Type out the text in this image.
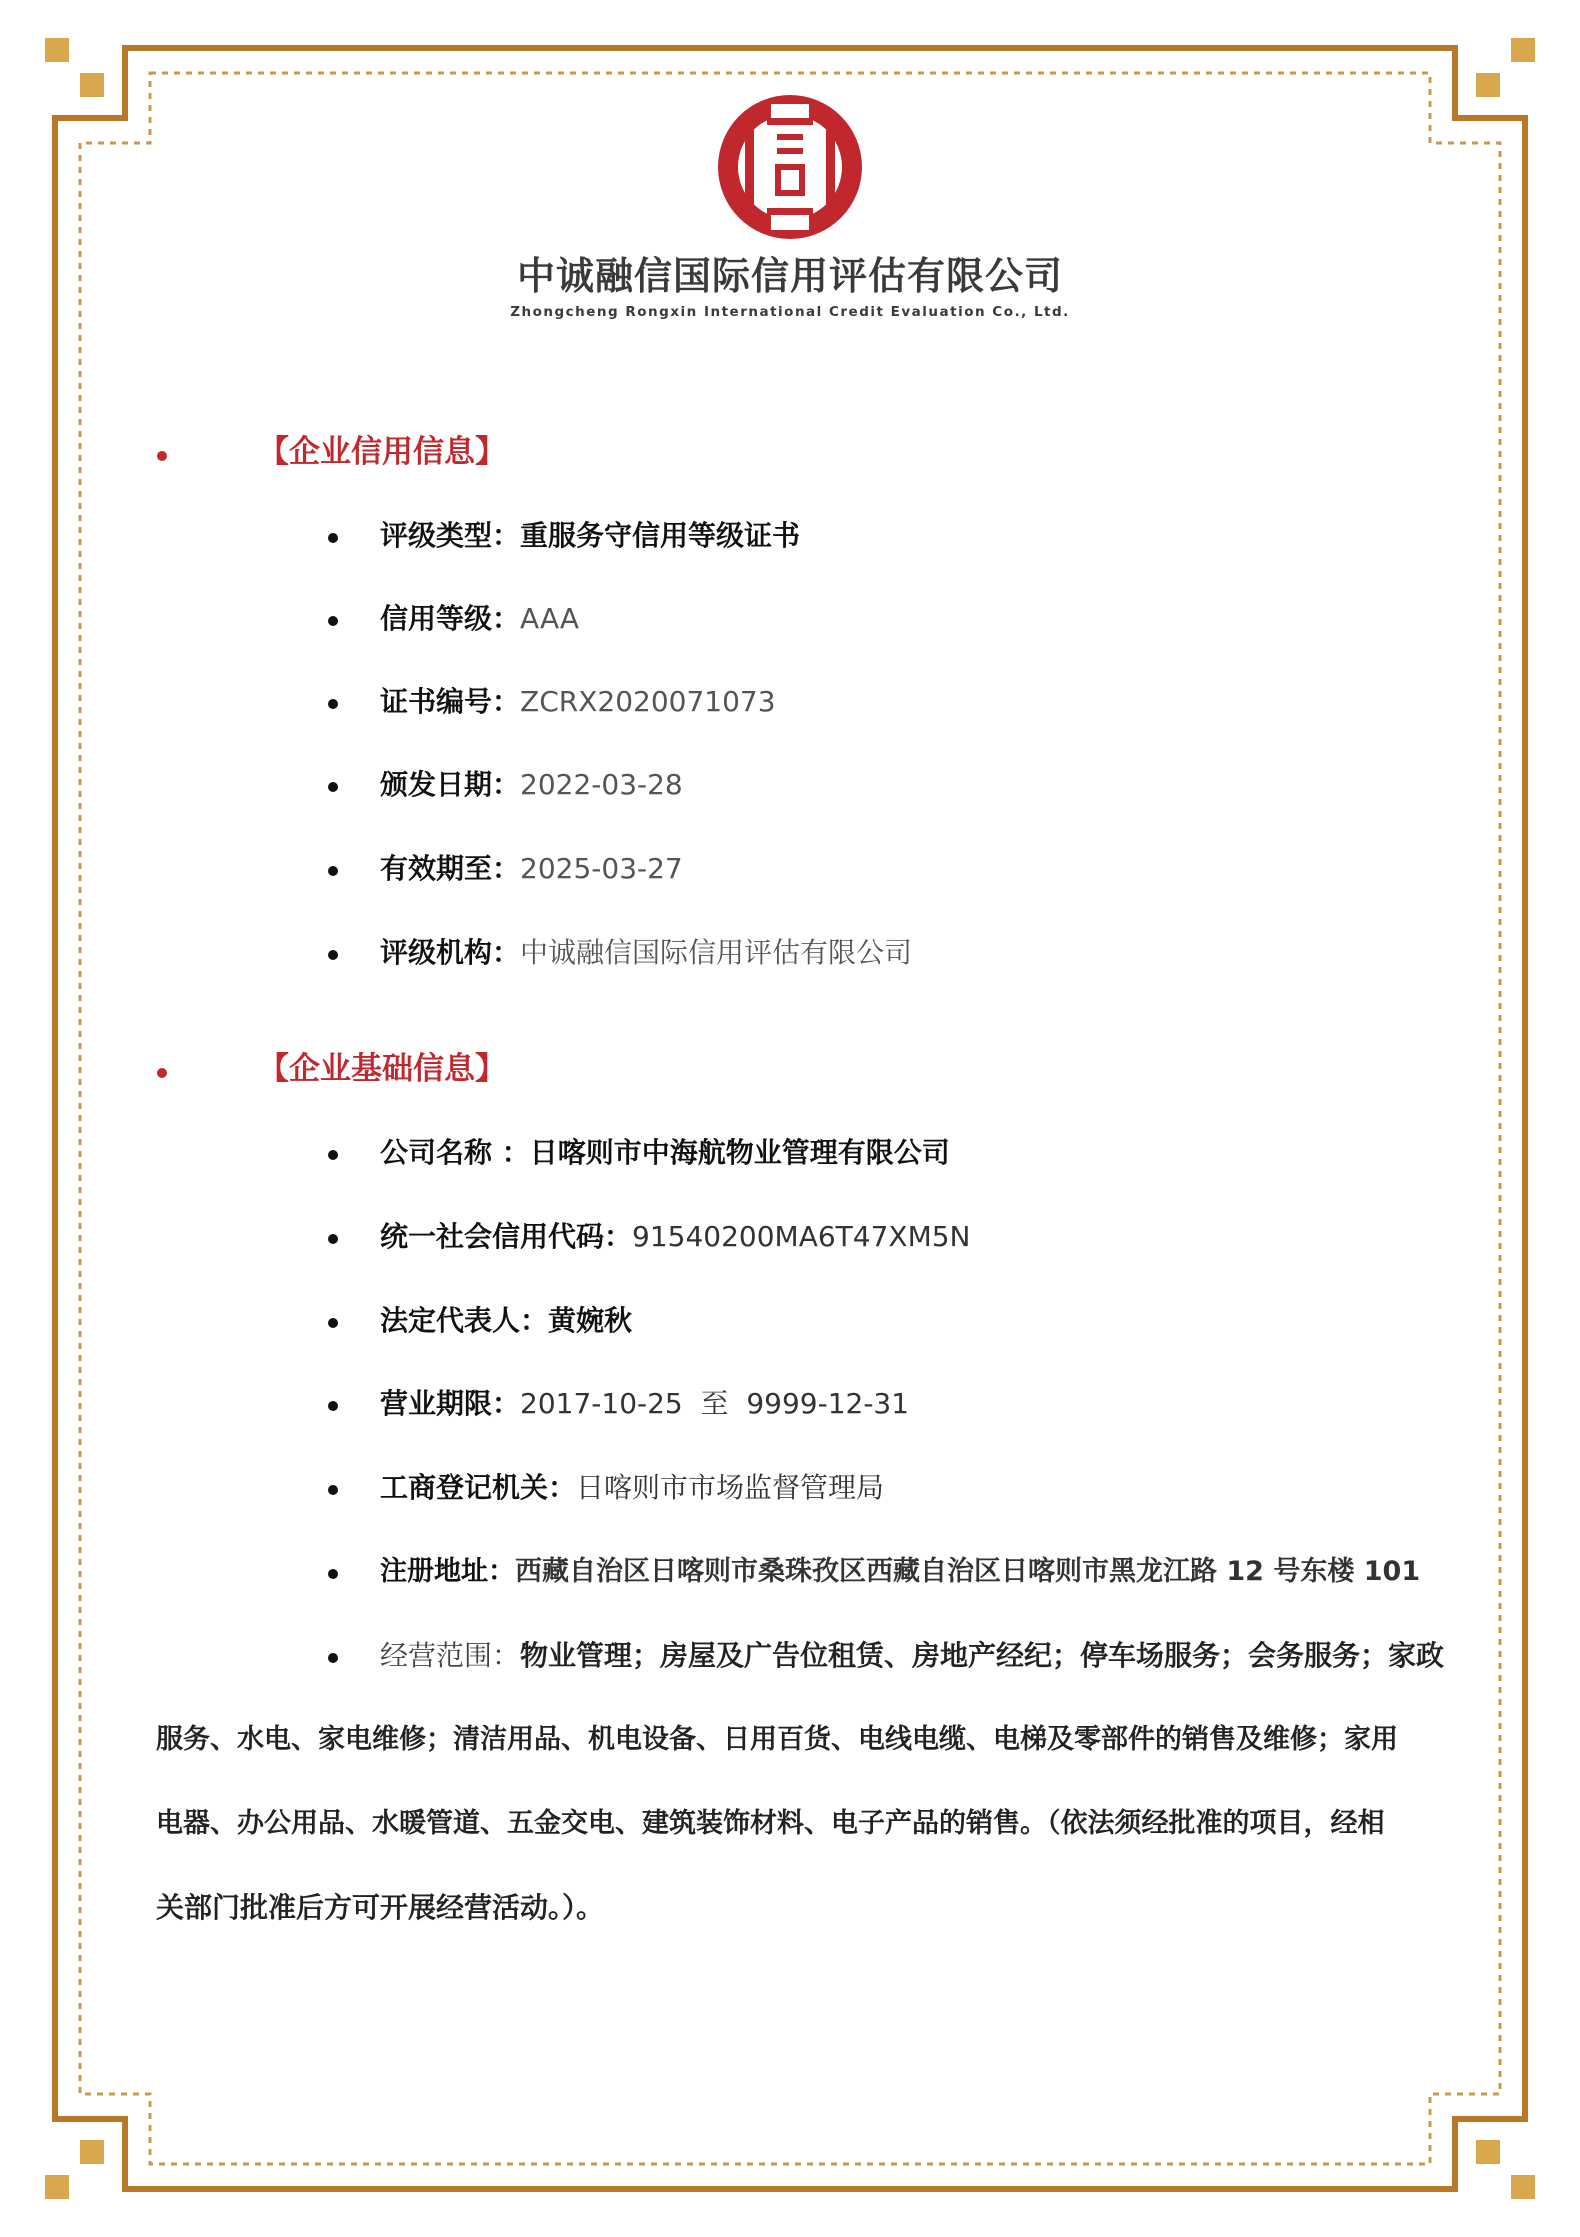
中诚融信国际信用评估有限公司
Zhongcheng Rongxin International Credit Evaluation Co., Ltd.
【企业信用信息】
评级类型：重服务守信用等级证书
信用等级：AAA
证书编号：ZCRX2020071073
颁发日期：2022-03-28
有效期至：2025-03-27
评级机构：中诚融信国际信用评估有限公司
【企业基础信息】
公司名称 ：日喀则市中海航物业管理有限公司
统一社会信用代码：91540200MA6T47XM5N
法定代表人：黄婉秋
营业期限：2017-10-25  至  9999-12-31
工商登记机关：日喀则市市场监督管理局
注册地址：西藏自治区日喀则市桑珠孜区西藏自治区日喀则市黑龙江路 12 号东楼 101
经营范围：物业管理；房屋及广告位租赁、房地产经纪；停车场服务；会务服务；家政
服务、水电、家电维修；清洁用品、机电设备、日用百货、电线电缆、电梯及零部件的销售及维修；家用
电器、办公用品、水暖管道、五金交电、建筑装饰材料、电子产品的销售。（依法须经批准的项目，经相
关部门批准后方可开展经营活动。）。
